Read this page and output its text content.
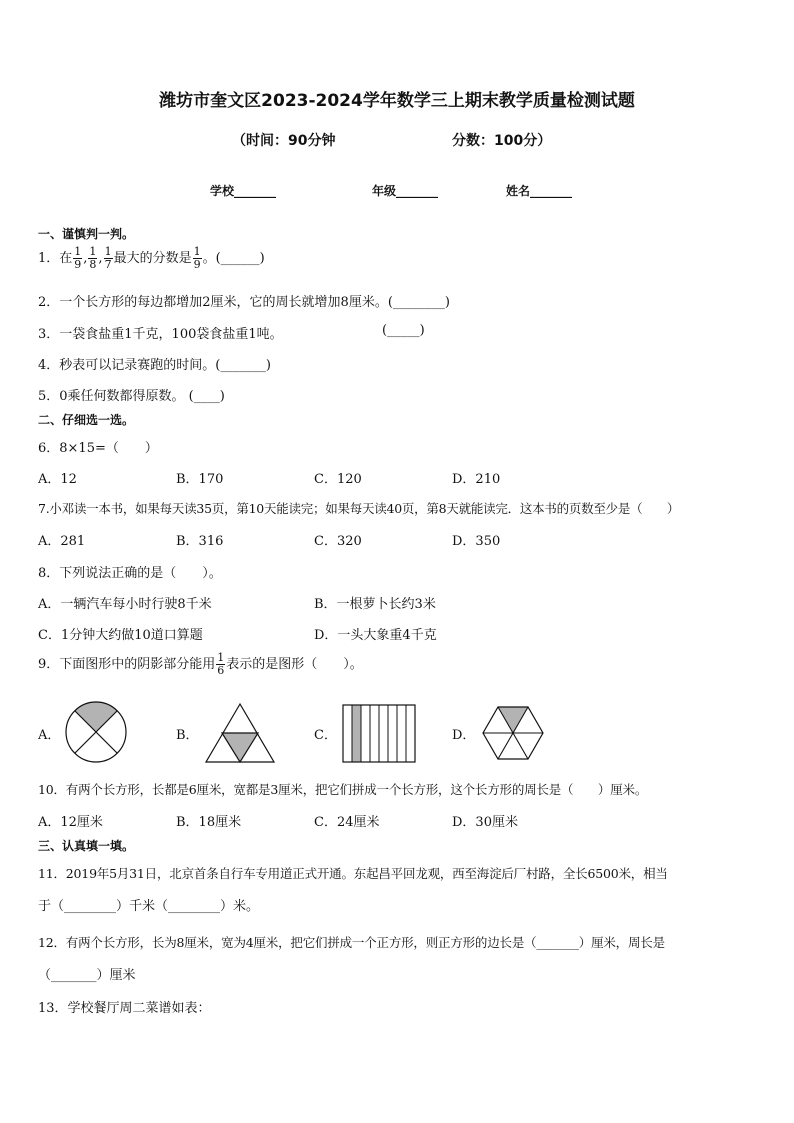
潍坊市奎文区2023-2024学年数学三上期末教学质量检测试题
（时间：90分钟	分数：100分）
学校_______	年级_______	姓名_______
一、谨慎判一判。
1．在 $\frac{1}{9}$ , $\frac{1}{8}$ , $\frac{1}{7}$ 最大的分数是 $\frac{1}{9}$ 。(______)
2．一个长方形的每边都增加2厘米，它的周长就增加8厘米。(________)
3．一袋食盐重1千克，100袋食盐重1吨。	(_____)
4．秒表可以记录赛跑的时间。(_______)
5．0乘任何数都得原数。 (____)
二、仔细选一选。
6．8×15=（　　）
A．12	B．170	C．120	D．210
7.小邓读一本书，如果每天读35页，第10天能读完；如果每天读40页，第8天就能读完．这本书的页数至少是（　　）
A．281	B．316	C．320	D．350
8．下列说法正确的是（　　）。
A．一辆汽车每小时行驶8千米	B．一根萝卜长约3米
C．1分钟大约做10道口算题	D．一头大象重4千克
9．下面图形中的阴影部分能用 $\frac{1}{6}$ 表示的是图形（　　）。
A．	B．	C．	D．
10．有两个长方形，长都是6厘米，宽都是3厘米，把它们拼成一个长方形，这个长方形的周长是（　　）厘米。
A．12厘米	B．18厘米	C．24厘米	D．30厘米
三、认真填一填。
11．2019年5月31日，北京首条自行车专用道正式开通。东起昌平回龙观，西至海淀后厂村路，全长6500米，相当
于（________）千米（________）米。
12．有两个长方形，长为8厘米，宽为4厘米，把它们拼成一个正方形，则正方形的边长是（_______）厘米，周长是
（_______）厘米
13．学校餐厅周二菜谱如表：
